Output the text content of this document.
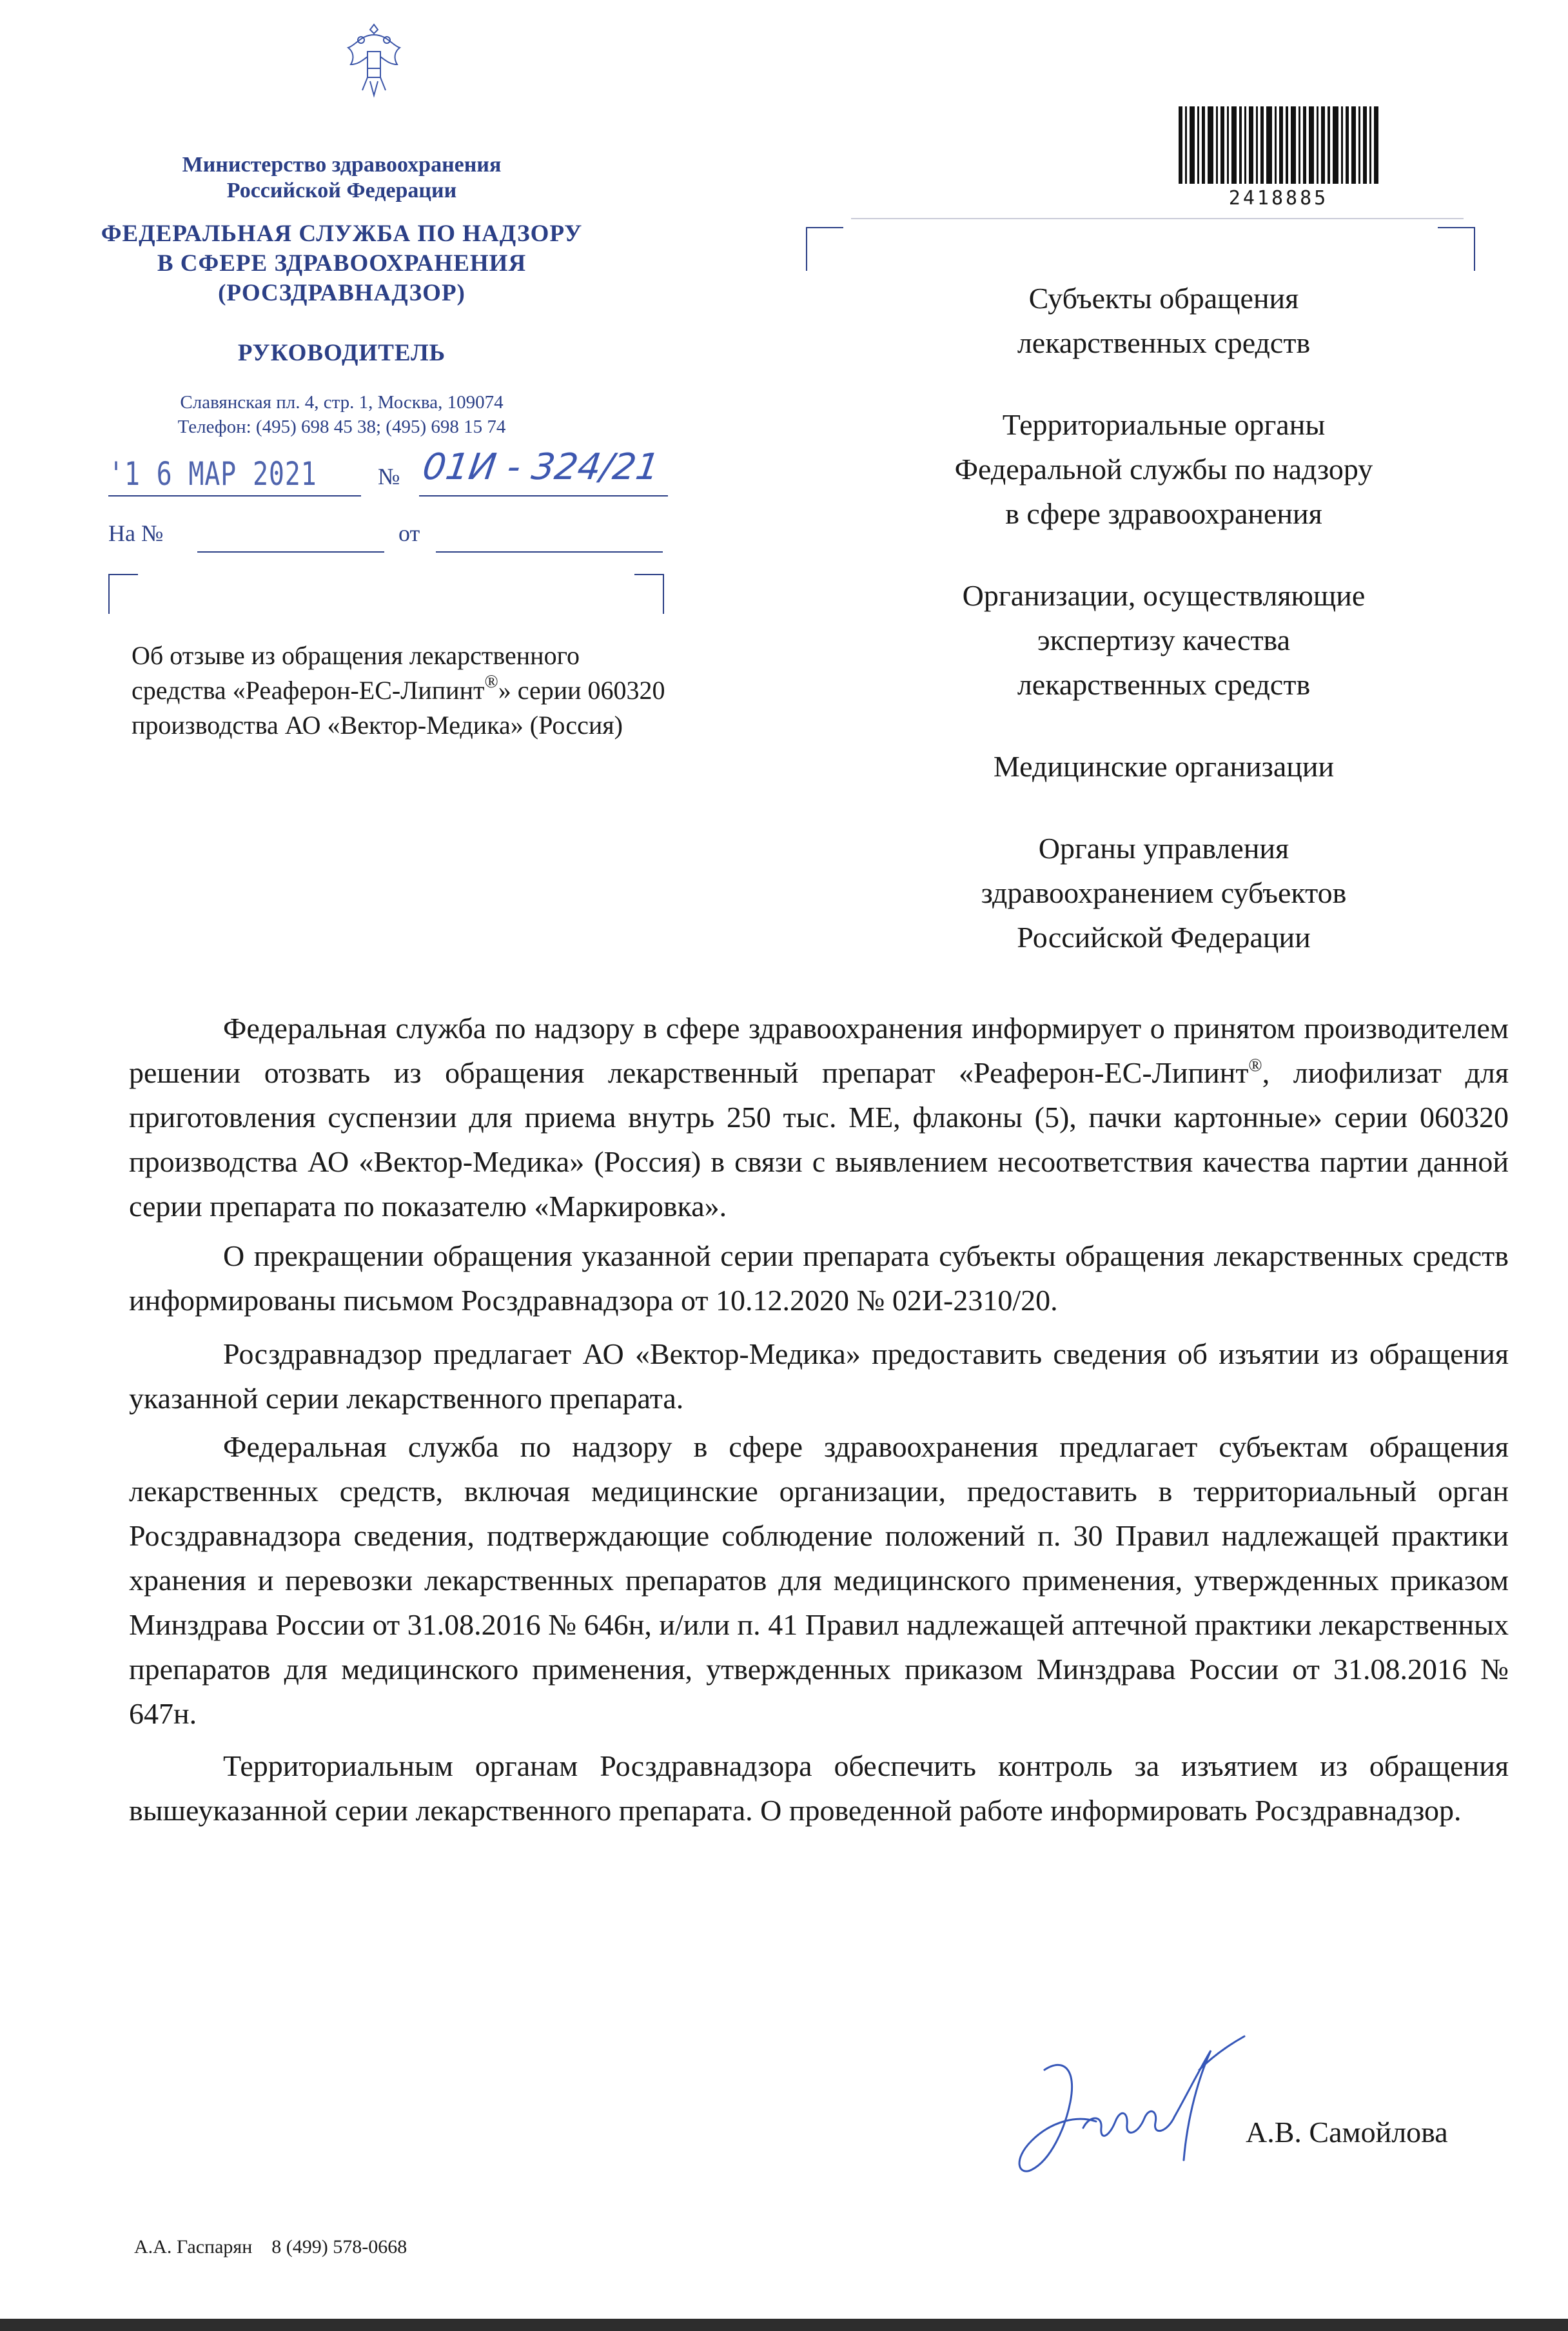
Министерство здравоохранения
Российской Федерации
ФЕДЕРАЛЬНАЯ СЛУЖБА ПО НАДЗОРУ
В СФЕРЕ ЗДРАВООХРАНЕНИЯ
(РОСЗДРАВНАДЗОР)
РУКОВОДИТЕЛЬ
Славянская пл. 4, стр. 1, Москва, 109074
Телефон: (495) 698 45 38; (495) 698 15 74
'1 6 МАР 2021	№ 01И - 324/21
На №	от
Об отзыве из обращения лекарственного
средства «Реаферон-ЕС-Липинт®» серии 060320
производства АО «Вектор-Медика» (Россия)
2418885
Субъекты обращения
лекарственных средств
Территориальные органы
Федеральной службы по надзору
в сфере здравоохранения
Организации, осуществляющие
экспертизу качества
лекарственных средств
Медицинские организации
Органы управления
здравоохранением субъектов
Российской Федерации

Федеральная служба по надзору в сфере здравоохранения информирует о принятом производителем решении отозвать из обращения лекарственный препарат «Реаферон-ЕС-Липинт®, лиофилизат для приготовления суспензии для приема внутрь 250 тыс. МЕ, флаконы (5), пачки картонные» серии 060320 производства АО «Вектор-Медика» (Россия) в связи с выявлением несоответствия качества партии данной серии препарата по показателю «Маркировка».

О прекращении обращения указанной серии препарата субъекты обращения лекарственных средств информированы письмом Росздравнадзора от 10.12.2020 № 02И-2310/20.

Росздравнадзор предлагает АО «Вектор-Медика» предоставить сведения об изъятии из обращения указанной серии лекарственного препарата.

Федеральная служба по надзору в сфере здравоохранения предлагает субъектам обращения лекарственных средств, включая медицинские организации, предоставить в территориальный орган Росздравнадзора сведения, подтверждающие соблюдение положений п. 30 Правил надлежащей практики хранения и перевозки лекарственных препаратов для медицинского применения, утвержденных приказом Минздрава России от 31.08.2016 № 646н, и/или п. 41 Правил надлежащей аптечной практики лекарственных препаратов для медицинского применения, утвержденных приказом Минздрава России от 31.08.2016 № 647н.

Территориальным органам Росздравнадзора обеспечить контроль за изъятием из обращения вышеуказанной серии лекарственного препарата. О проведенной работе информировать Росздравнадзор.

А.В. Самойлова
А.А. Гаспарян    8 (499) 578-0668
